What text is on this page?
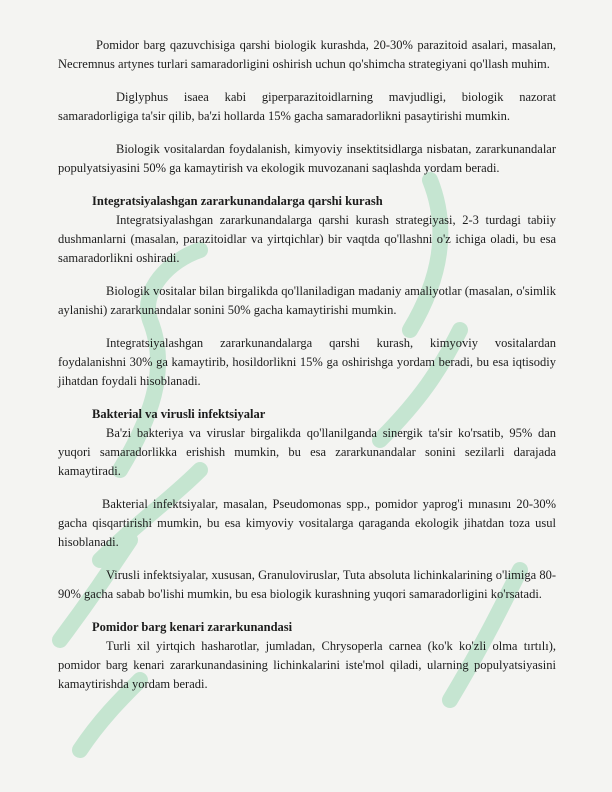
Pomidor barg qazuvchisiga qarshi biologik kurashda, 20-30% parazitoid asalari, masalan, Necremnus artynes turlari samaradorligini oshirish uchun qo'shimcha strategiyani qo'llash muhim.

Diglyphus isaea kabi giperparazitoidlarning mavjudligi, biologik nazorat samaradorligiga ta'sir qilib, ba'zi hollarda 15% gacha samaradorlikni pasaytirishi mumkin.

Biologik vositalardan foydalanish, kimyoviy insektitsidlarga nisbatan, zararkunandalar populyatsiyasini 50% ga kamaytirish va ekologik muvozanani saqlashda yordam beradi.

Integratsiyalashgan zararkunandalarga qarshi kurash

Integratsiyalashgan zararkunandalarga qarshi kurash strategiyasi, 2-3 turdagi tabiiy dushmanlarni (masalan, parazitoidlar va yirtqichlar) bir vaqtda qo'llashni o'z ichiga oladi, bu esa samaradorlikni oshiradi.

Biologik vositalar bilan birgalikda qo'llaniladigan madaniy amaliyotlar (masalan, o'simlik aylanishi) zararkunandalar sonini 50% gacha kamaytirishi mumkin.

Integratsiyalashgan zararkunandalarga qarshi kurash, kimyoviy vositalardan foydalanishni 30% ga kamaytirib, hosildorlikni 15% ga oshirishga yordam beradi, bu esa iqtisodiy jihatdan foydali hisoblanadi.

Bakterial va virusli infektsiyalar

Ba'zi bakteriya va viruslar birgalikda qo'llanilganda sinergik ta'sir ko'rsatib, 95% dan yuqori samaradorlikka erishish mumkin, bu esa zararkunandalar sonini sezilarli darajada kamaytiradi.

Bakterial infektsiyalar, masalan, Pseudomonas spp., pomidor yaprog'i mınasını 20-30% gacha qisqartirishi mumkin, bu esa kimyoviy vositalarga qaraganda ekologik jihatdan toza usul hisoblanadi.

Virusli infektsiyalar, xususan, Granuloviruslar, Tuta absoluta lichinkalarining o'limiga 80-90% gacha sabab bo'lishi mumkin, bu esa biologik kurashning yuqori samaradorligini ko'rsatadi.

Pomidor barg kenari zararkunandasi

Turli xil yirtqich hasharotlar, jumladan, Chrysoperla carnea (ko'k ko'zli olma tırtılı), pomidor barg kenari zararkunandasining lichinkalarini iste'mol qiladi, ularning populyatsiyasini kamaytirishda yordam beradi.
